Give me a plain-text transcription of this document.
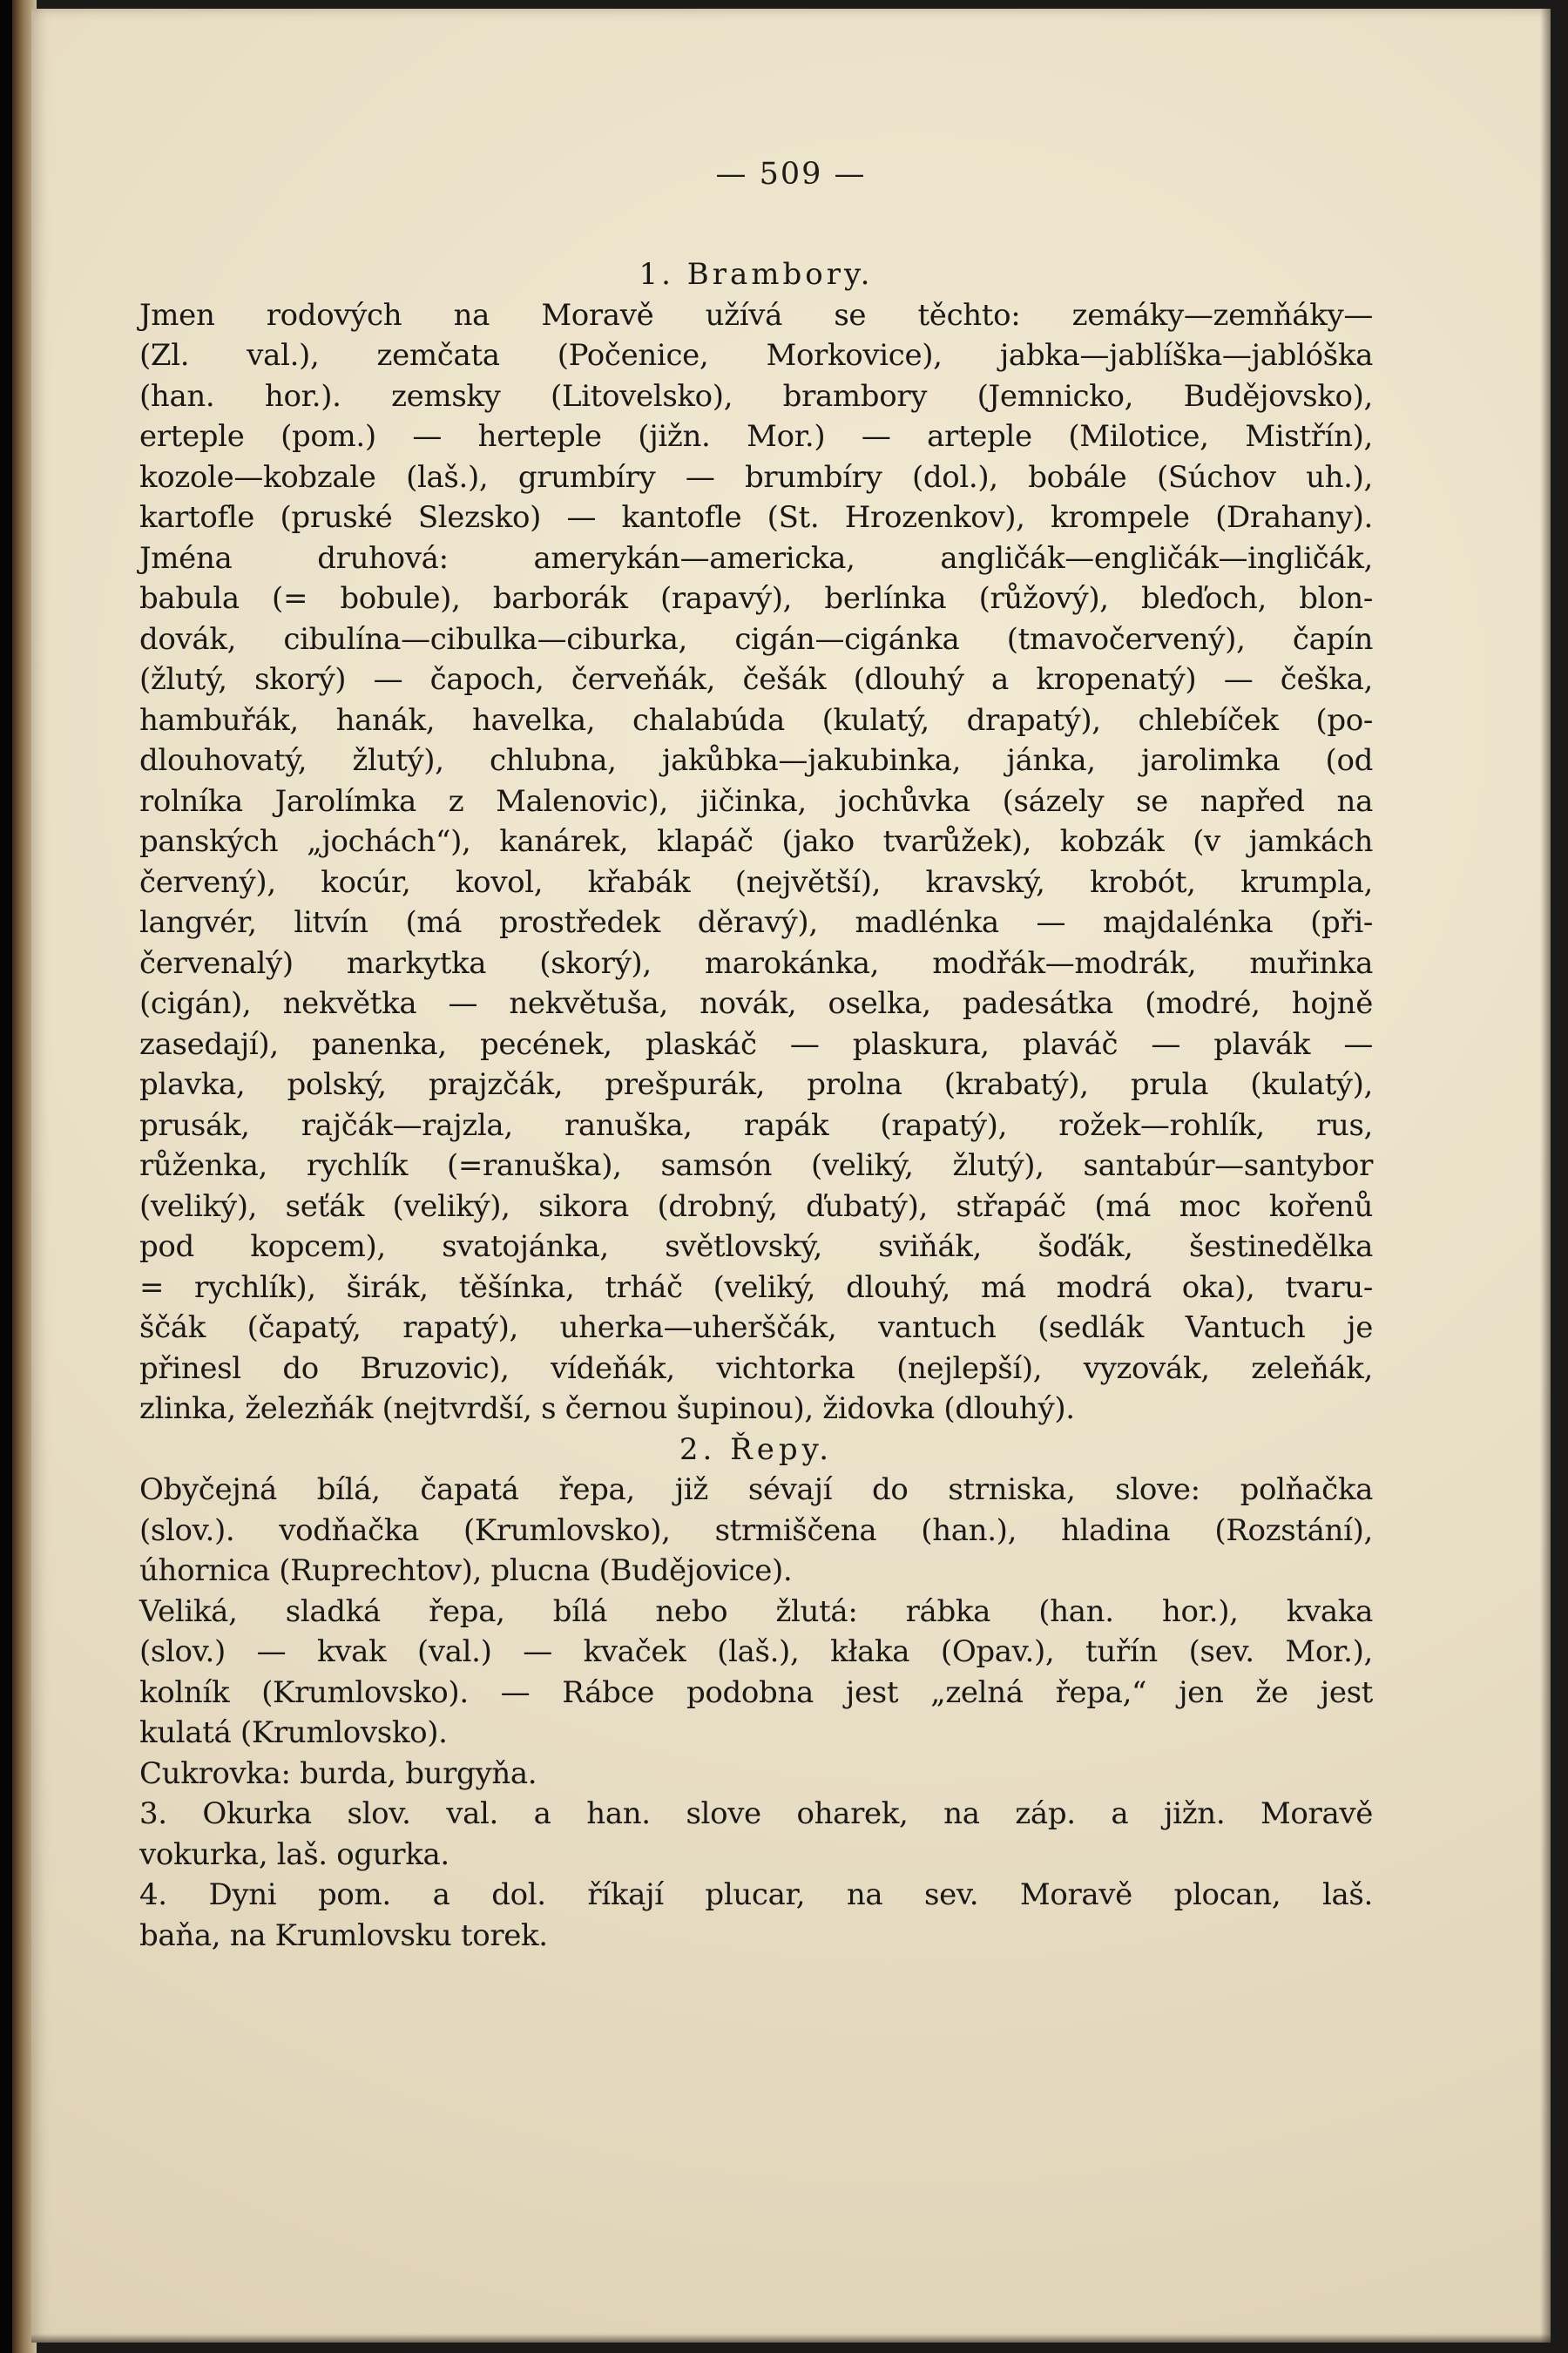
— 509 —
1. Brambory.

Jmen rodových na Moravě užívá se těchto: zemáky—zemňáky—
(Zl. val.), zemčata (Počenice, Morkovice), jabka—jablíška—jablóška
(han. hor.). zemsky (Litovelsko), brambory (Jemnicko, Budějovsko),
erteple (pom.) — herteple (jižn. Mor.) — arteple (Milotice, Mistřín),
kozole—kobzale (laš.), grumbíry — brumbíry (dol.), bobále (Súchov uh.),
kartofle (pruské Slezsko) — kantofle (St. Hrozenkov), krompele (Drahany).

Jména druhová: amerykán—americka, angličák—engličák—ingličák,
babula (= bobule), barborák (rapavý), berlínka (růžový), bleďoch, blon-
dovák, cibulína—cibulka—ciburka, cigán—cigánka (tmavočervený), čapín
(žlutý, skorý) — čapoch, červeňák, češák (dlouhý a kropenatý) — češka,
hambuřák, hanák, havelka, chalabúda (kulatý, drapatý), chlebíček (po-
dlouhovatý, žlutý), chlubna, jakůbka—jakubinka, jánka, jarolimka (od
rolníka Jarolímka z Malenovic), jičinka, jochůvka (sázely se napřed na
panských „jochách“), kanárek, klapáč (jako tvarůžek), kobzák (v jamkách
červený), kocúr, kovol, křabák (největší), kravský, krobót, krumpla,
langvér, litvín (má prostředek děravý), madlénka — majdalénka (při-
červenalý) markytka (skorý), marokánka, modřák—modrák, muřinka
(cigán), nekvětka — nekvětuša, novák, oselka, padesátka (modré, hojně
zasedají), panenka, pecének, plaskáč — plaskura, plaváč — plavák —
plavka, polský, prajzčák, prešpurák, prolna (krabatý), prula (kulatý),
prusák, rajčák—rajzla, ranuška, rapák (rapatý), rožek—rohlík, rus,
růženka, rychlík (=ranuška), samsón (veliký, žlutý), santabúr—santybor
(veliký), seťák (veliký), sikora (drobný, ďubatý), střapáč (má moc kořenů
pod kopcem), svatojánka, světlovský, sviňák, šoďák, šestinedělka
= rychlík), širák, těšínka, trháč (veliký, dlouhý, má modrá oka), tvaru-
ščák (čapatý, rapatý), uherka—uherščák, vantuch (sedlák Vantuch je
přinesl do Bruzovic), vídeňák, vichtorka (nejlepší), vyzovák, zeleňák,
zlinka, železňák (nejtvrdší, s černou šupinou), židovka (dlouhý).

2. Řepy.

Obyčejná bílá, čapatá řepa, již sévají do strniska, slove: polňačka
(slov.). vodňačka (Krumlovsko), strmiščena (han.), hladina (Rozstání),
úhornica (Ruprechtov), plucna (Budějovice).

Veliká, sladká řepa, bílá nebo žlutá: rábka (han. hor.), kvaka
(slov.) — kvak (val.) — kvaček (laš.), kłaka (Opav.), tuřín (sev. Mor.),
kolník (Krumlovsko). — Rábce podobna jest „zelná řepa,“ jen že jest
kulatá (Krumlovsko).

Cukrovka: burda, burgyňa.

3. Okurka slov. val. a han. slove oharek, na záp. a jižn. Moravě
vokurka, laš. ogurka.

4. Dyni pom. a dol. říkají plucar, na sev. Moravě plocan, laš.
baňa, na Krumlovsku torek.
